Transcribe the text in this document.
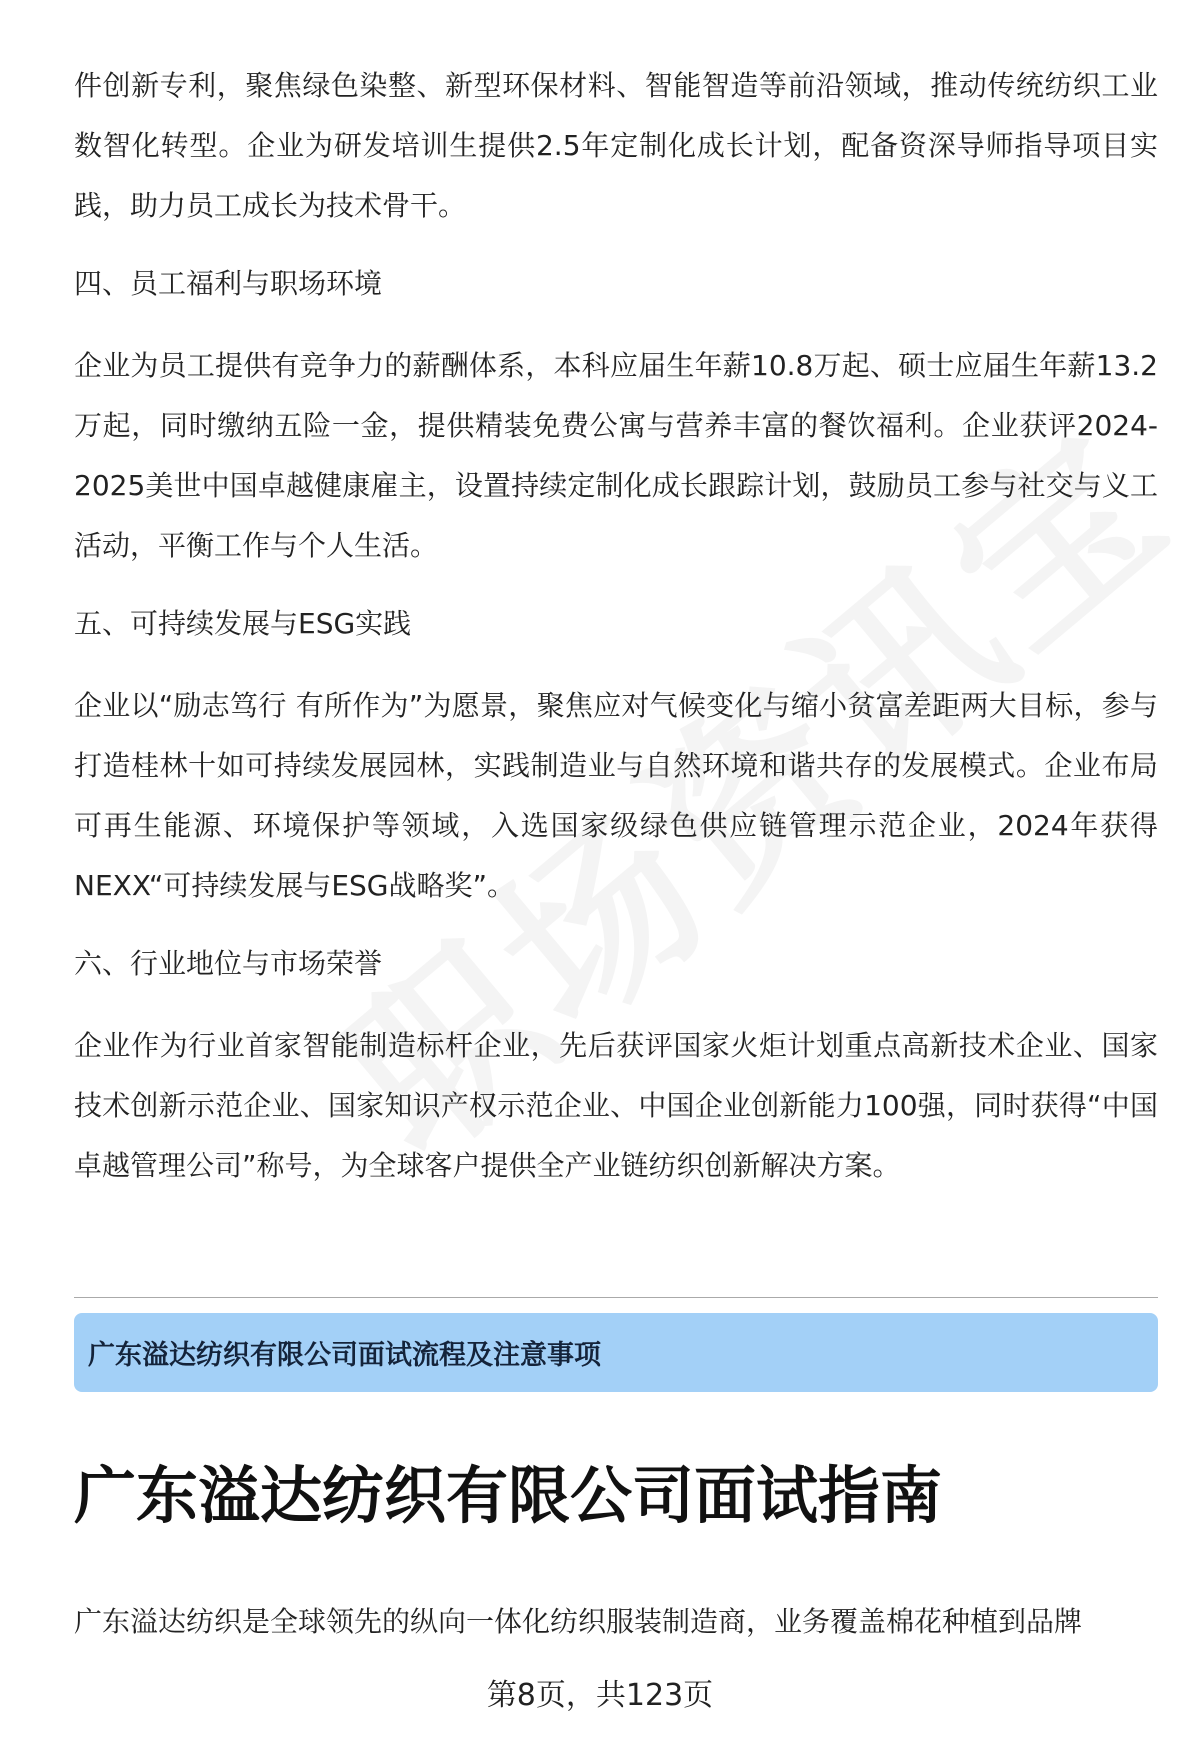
件创新专利，聚焦绿色染整、新型环保材料、智能智造等前沿领域，推动传统纺织工业数智化转型。企业为研发培训生提供2.5年定制化成长计划，配备资深导师指导项目实践，助力员工成长为技术骨干。

四、员工福利与职场环境

企业为员工提供有竞争力的薪酬体系，本科应届生年薪10.8万起、硕士应届生年薪13.2万起，同时缴纳五险一金，提供精装免费公寓与营养丰富的餐饮福利。企业获评2024-2025美世中国卓越健康雇主，设置持续定制化成长跟踪计划，鼓励员工参与社交与义工活动，平衡工作与个人生活。

五、可持续发展与ESG实践

企业以“励志笃行 有所作为”为愿景，聚焦应对气候变化与缩小贫富差距两大目标，参与打造桂林十如可持续发展园林，实践制造业与自然环境和谐共存的发展模式。企业布局可再生能源、环境保护等领域，入选国家级绿色供应链管理示范企业，2024年获得NEXX“可持续发展与ESG战略奖”。

六、行业地位与市场荣誉

企业作为行业首家智能制造标杆企业，先后获评国家火炬计划重点高新技术企业、国家技术创新示范企业、国家知识产权示范企业、中国企业创新能力100强，同时获得“中国卓越管理公司”称号，为全球客户提供全产业链纺织创新解决方案。

广东溢达纺织有限公司面试流程及注意事项
广东溢达纺织有限公司面试指南
广东溢达纺织是全球领先的纵向一体化纺织服装制造商，业务覆盖棉花种植到品牌
第8页，共123页
